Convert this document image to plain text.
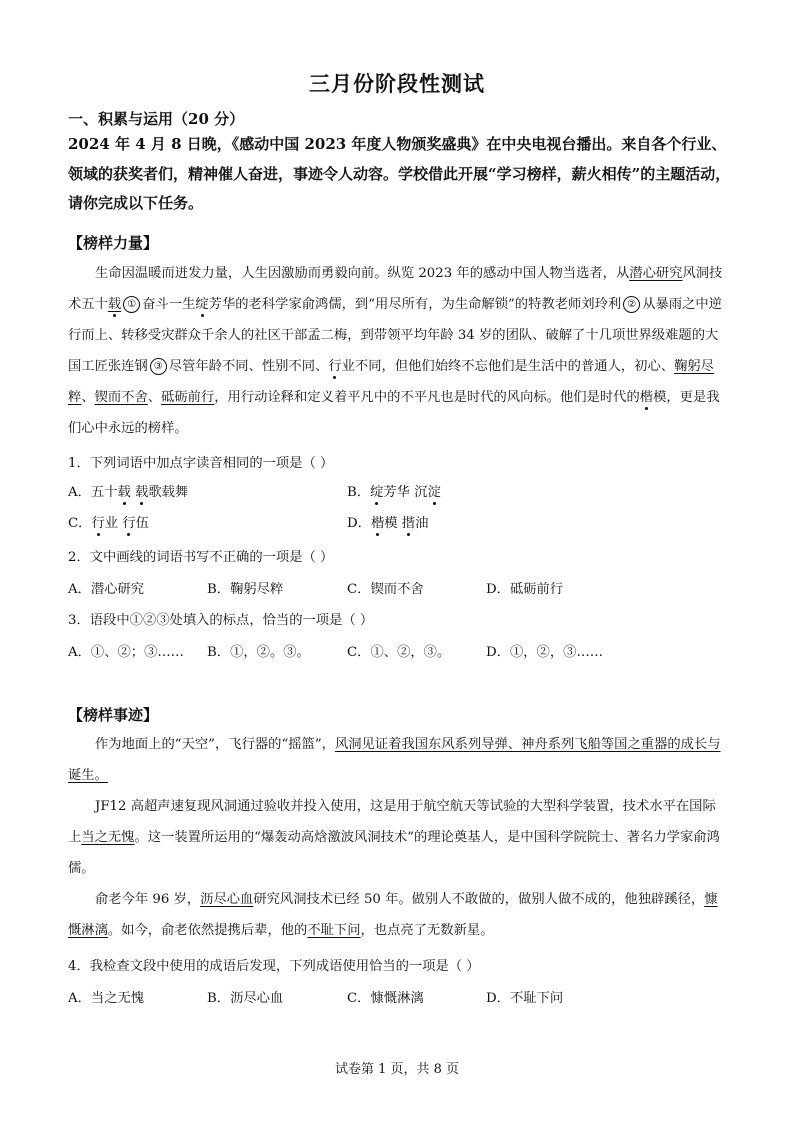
三月份阶段性测试
一、积累与运用（20 分）
2024 年 4 月 8 日晚，《感动中国 2023 年度人物颁奖盛典》在中央电视台播出。来自各个行业、领域的获奖者们，精神催人奋进，事迹令人动容。学校借此开展“学习榜样，薪火相传”的主题活动，请你完成以下任务。
【榜样力量】
生命因温暖而迸发力量，人生因激励而勇毅向前。纵览 2023 年的感动中国人物当选者，从潜心研究风洞技术五十载 ① 奋斗一生绽芳华的老科学家俞鸿儒，到“用尽所有，为生命解锁”的特教老师刘玲利 ② 从暴雨之中逆行而上、转移受灾群众千余人的社区干部孟二梅，到带领平均年龄 34 岁的团队、破解了十几项世界级难题的大国工匠张连钢 ③ 尽管年龄不同、性别不同、行业不同，但他们始终不忘他们是生活中的普通人，初心、鞠躬尽粹、锲而不舍、砥砺前行，用行动诠释和定义着平凡中的不平凡也是时代的风向标。他们是时代的楷模，更是我们心中永远的榜样。
1．下列词语中加点字读音相同的一项是（ ）
A．五十载 载歌载舞	B．绽芳华 沉淀
C．行业 行伍	D．楷模 揩油
2．文中画线的词语书写不正确的一项是（ ）
A．潜心研究	B．鞠躬尽粹	C．锲而不舍	D．砥砺前行
3．语段中①②③处填入的标点，恰当的一项是（ ）
A．①、②；③…… B．①，②。③。	C．①、②，③。	D．①，②，③……
【榜样事迹】
作为地面上的“天空”，飞行器的“摇篮”，风洞见证着我国东风系列导弹、神舟系列飞船等国之重器的成长与诞生。
JF12 高超声速复现风洞通过验收并投入使用，这是用于航空航天等试验的大型科学装置，技术水平在国际上当之无愧。这一装置所运用的“爆轰动高焓激波风洞技术”的理论奠基人，是中国科学院院士、著名力学家俞鸿儒。
俞老今年 96 岁，沥尽心血研究风洞技术已经 50 年。做别人不敢做的，做别人做不成的，他独辟蹊径，慷慨淋漓。如今，俞老依然提携后辈，他的不耻下问，也点亮了无数新星。
4．我检查文段中使用的成语后发现，下列成语使用恰当的一项是（ ）
A．当之无愧	B．沥尽心血	C．慷慨淋漓	D．不耻下问
试卷第 1 页，共 8 页
